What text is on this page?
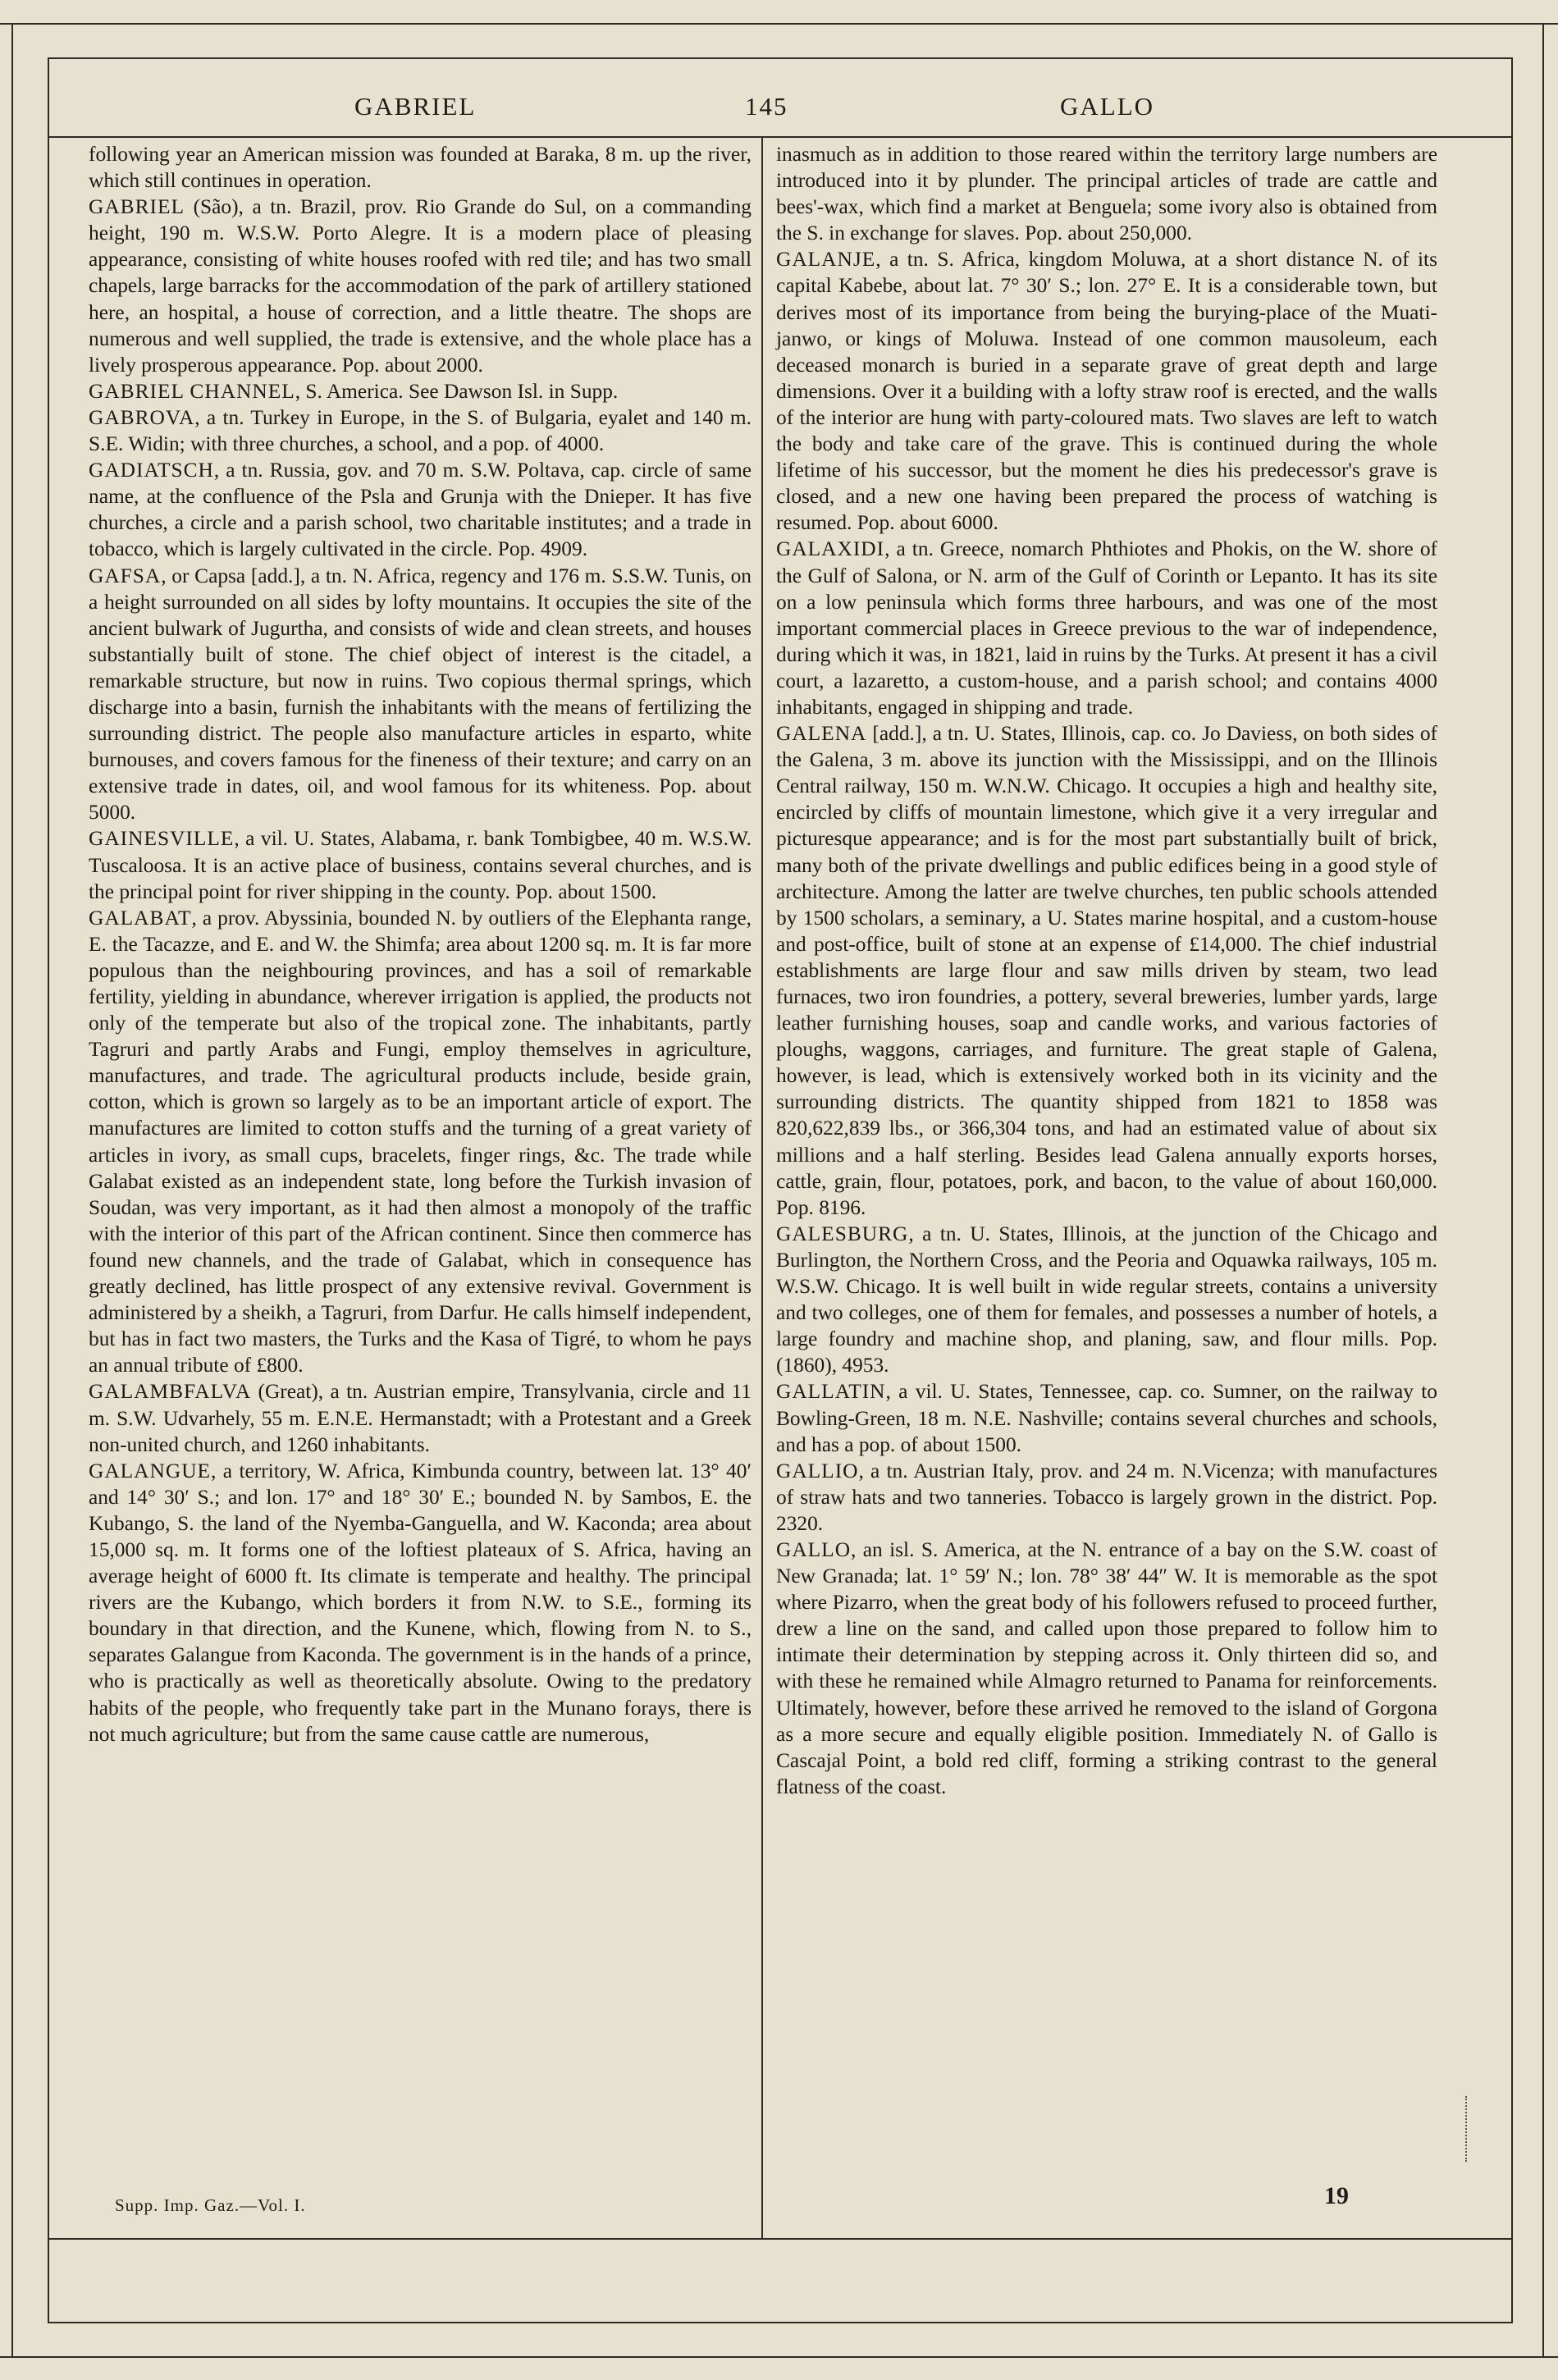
GABRIEL	145	GALLO

following year an American mission was founded at Baraka, 8 m. up the river, which still continues in operation.

GABRIEL (São), a tn. Brazil, prov. Rio Grande do Sul, on a commanding height, 190 m. W.S.W. Porto Alegre. It is a modern place of pleasing appearance, consisting of white houses roofed with red tile; and has two small chapels, large barracks for the accommodation of the park of artillery stationed here, an hospital, a house of correction, and a little theatre. The shops are numerous and well supplied, the trade is extensive, and the whole place has a lively prosperous appearance. Pop. about 2000.

GABRIEL CHANNEL, S. America. See Dawson Isl. in Supp.

GABROVA, a tn. Turkey in Europe, in the S. of Bulgaria, eyalet and 140 m. S.E. Widin; with three churches, a school, and a pop. of 4000.

GADIATSCH, a tn. Russia, gov. and 70 m. S.W. Poltava, cap. circle of same name, at the confluence of the Psla and Grunja with the Dnieper. It has five churches, a circle and a parish school, two charitable institutes; and a trade in tobacco, which is largely cultivated in the circle. Pop. 4909.

GAFSA, or Capsa [add.], a tn. N. Africa, regency and 176 m. S.S.W. Tunis, on a height surrounded on all sides by lofty mountains. It occupies the site of the ancient bulwark of Jugurtha, and consists of wide and clean streets, and houses substantially built of stone. The chief object of interest is the citadel, a remarkable structure, but now in ruins. Two copious thermal springs, which discharge into a basin, furnish the inhabitants with the means of fertilizing the surrounding district. The people also manufacture articles in esparto, white burnouses, and covers famous for the fineness of their texture; and carry on an extensive trade in dates, oil, and wool famous for its whiteness. Pop. about 5000.

GAINESVILLE, a vil. U. States, Alabama, r. bank Tombigbee, 40 m. W.S.W. Tuscaloosa. It is an active place of business, contains several churches, and is the principal point for river shipping in the county. Pop. about 1500.

GALABAT, a prov. Abyssinia, bounded N. by outliers of the Elephanta range, E. the Tacazze, and E. and W. the Shimfa; area about 1200 sq. m. It is far more populous than the neighbouring provinces, and has a soil of remarkable fertility, yielding in abundance, wherever irrigation is applied, the products not only of the temperate but also of the tropical zone. The inhabitants, partly Tagruri and partly Arabs and Fungi, employ themselves in agriculture, manufactures, and trade. The agricultural products include, beside grain, cotton, which is grown so largely as to be an important article of export. The manufactures are limited to cotton stuffs and the turning of a great variety of articles in ivory, as small cups, bracelets, finger rings, &c. The trade while Galabat existed as an independent state, long before the Turkish invasion of Soudan, was very important, as it had then almost a monopoly of the traffic with the interior of this part of the African continent. Since then commerce has found new channels, and the trade of Galabat, which in consequence has greatly declined, has little prospect of any extensive revival. Government is administered by a sheikh, a Tagruri, from Darfur. He calls himself independent, but has in fact two masters, the Turks and the Kasa of Tigré, to whom he pays an annual tribute of £800.

GALAMBFALVA (Great), a tn. Austrian empire, Transylvania, circle and 11 m. S.W. Udvarhely, 55 m. E.N.E. Hermanstadt; with a Protestant and a Greek non-united church, and 1260 inhabitants.

GALANGUE, a territory, W. Africa, Kimbunda country, between lat. 13° 40′ and 14° 30′ S.; and lon. 17° and 18° 30′ E.; bounded N. by Sambos, E. the Kubango, S. the land of the Nyemba-Ganguella, and W. Kaconda; area about 15,000 sq. m. It forms one of the loftiest plateaux of S. Africa, having an average height of 6000 ft. Its climate is temperate and healthy. The principal rivers are the Kubango, which borders it from N.W. to S.E., forming its boundary in that direction, and the Kunene, which, flowing from N. to S., separates Galangue from Kaconda. The government is in the hands of a prince, who is practically as well as theoretically absolute. Owing to the predatory habits of the people, who frequently take part in the Munano forays, there is not much agriculture; but from the same cause cattle are numerous,

inasmuch as in addition to those reared within the territory large numbers are introduced into it by plunder. The principal articles of trade are cattle and bees'-wax, which find a market at Benguela; some ivory also is obtained from the S. in exchange for slaves. Pop. about 250,000.

GALANJE, a tn. S. Africa, kingdom Moluwa, at a short distance N. of its capital Kabebe, about lat. 7° 30′ S.; lon. 27° E. It is a considerable town, but derives most of its importance from being the burying-place of the Muati-janwo, or kings of Moluwa. Instead of one common mausoleum, each deceased monarch is buried in a separate grave of great depth and large dimensions. Over it a building with a lofty straw roof is erected, and the walls of the interior are hung with party-coloured mats. Two slaves are left to watch the body and take care of the grave. This is continued during the whole lifetime of his successor, but the moment he dies his predecessor's grave is closed, and a new one having been prepared the process of watching is resumed. Pop. about 6000.

GALAXIDI, a tn. Greece, nomarch Phthiotes and Phokis, on the W. shore of the Gulf of Salona, or N. arm of the Gulf of Corinth or Lepanto. It has its site on a low peninsula which forms three harbours, and was one of the most important commercial places in Greece previous to the war of independence, during which it was, in 1821, laid in ruins by the Turks. At present it has a civil court, a lazaretto, a custom-house, and a parish school; and contains 4000 inhabitants, engaged in shipping and trade.

GALENA [add.], a tn. U. States, Illinois, cap. co. Jo Daviess, on both sides of the Galena, 3 m. above its junction with the Mississippi, and on the Illinois Central railway, 150 m. W.N.W. Chicago. It occupies a high and healthy site, encircled by cliffs of mountain limestone, which give it a very irregular and picturesque appearance; and is for the most part substantially built of brick, many both of the private dwellings and public edifices being in a good style of architecture. Among the latter are twelve churches, ten public schools attended by 1500 scholars, a seminary, a U. States marine hospital, and a custom-house and post-office, built of stone at an expense of £14,000. The chief industrial establishments are large flour and saw mills driven by steam, two lead furnaces, two iron foundries, a pottery, several breweries, lumber yards, large leather furnishing houses, soap and candle works, and various factories of ploughs, waggons, carriages, and furniture. The great staple of Galena, however, is lead, which is extensively worked both in its vicinity and the surrounding districts. The quantity shipped from 1821 to 1858 was 820,622,839 lbs., or 366,304 tons, and had an estimated value of about six millions and a half sterling. Besides lead Galena annually exports horses, cattle, grain, flour, potatoes, pork, and bacon, to the value of about 160,000. Pop. 8196.

GALESBURG, a tn. U. States, Illinois, at the junction of the Chicago and Burlington, the Northern Cross, and the Peoria and Oquawka railways, 105 m. W.S.W. Chicago. It is well built in wide regular streets, contains a university and two colleges, one of them for females, and possesses a number of hotels, a large foundry and machine shop, and planing, saw, and flour mills. Pop. (1860), 4953.

GALLATIN, a vil. U. States, Tennessee, cap. co. Sumner, on the railway to Bowling-Green, 18 m. N.E. Nashville; contains several churches and schools, and has a pop. of about 1500.

GALLIO, a tn. Austrian Italy, prov. and 24 m. N.Vicenza; with manufactures of straw hats and two tanneries. Tobacco is largely grown in the district. Pop. 2320.

GALLO, an isl. S. America, at the N. entrance of a bay on the S.W. coast of New Granada; lat. 1° 59′ N.; lon. 78° 38′ 44″ W. It is memorable as the spot where Pizarro, when the great body of his followers refused to proceed further, drew a line on the sand, and called upon those prepared to follow him to intimate their determination by stepping across it. Only thirteen did so, and with these he remained while Almagro returned to Panama for reinforcements. Ultimately, however, before these arrived he removed to the island of Gorgona as a more secure and equally eligible position. Immediately N. of Gallo is Cascajal Point, a bold red cliff, forming a striking contrast to the general flatness of the coast.

Supp. Imp. Gaz.—Vol. I.	19
